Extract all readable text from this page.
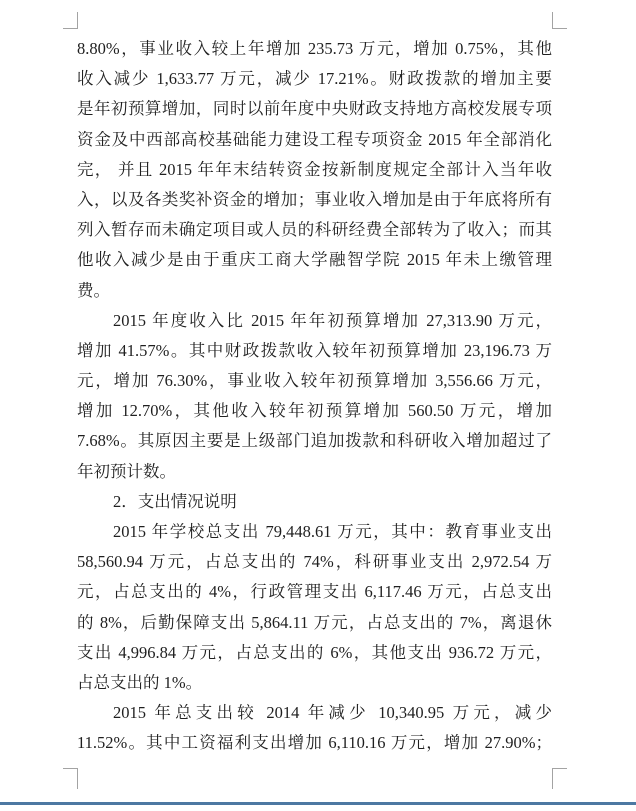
8.80%，事业收入较上年增加 235.73 万元，增加 0.75%，其他
收入减少 1,633.77 万元，减少 17.21%。财政拨款的增加主要
是年初预算增加，同时以前年度中央财政支持地方高校发展专项
资金及中西部高校基础能力建设工程专项资金 2015 年全部消化
完， 并且 2015 年年末结转资金按新制度规定全部计入当年收
入，以及各类奖补资金的增加；事业收入增加是由于年底将所有
列入暂存而未确定项目或人员的科研经费全部转为了收入；而其
他收入减少是由于重庆工商大学融智学院 2015 年未上缴管理
费。
2015 年度收入比 2015 年年初预算增加 27,313.90 万元，
增加 41.57%。其中财政拨款收入较年初预算增加 23,196.73 万
元，增加 76.30%，事业收入较年初预算增加 3,556.66 万元，
增加 12.70%，其他收入较年初预算增加 560.50 万元，增加
7.68%。其原因主要是上级部门追加拨款和科研收入增加超过了
年初预计数。
2．支出情况说明
2015 年学校总支出 79,448.61 万元，其中：教育事业支出
58,560.94 万元，占总支出的 74%，科研事业支出 2,972.54 万
元，占总支出的 4%，行政管理支出 6,117.46 万元，占总支出
的 8%，后勤保障支出 5,864.11 万元，占总支出的 7%，离退休
支出 4,996.84 万元，占总支出的 6%，其他支出 936.72 万元，
占总支出的 1%。
2015 年总支出较 2014 年减少 10,340.95 万元，减少
11.52%。其中工资福利支出增加 6,110.16 万元，增加 27.90%；
